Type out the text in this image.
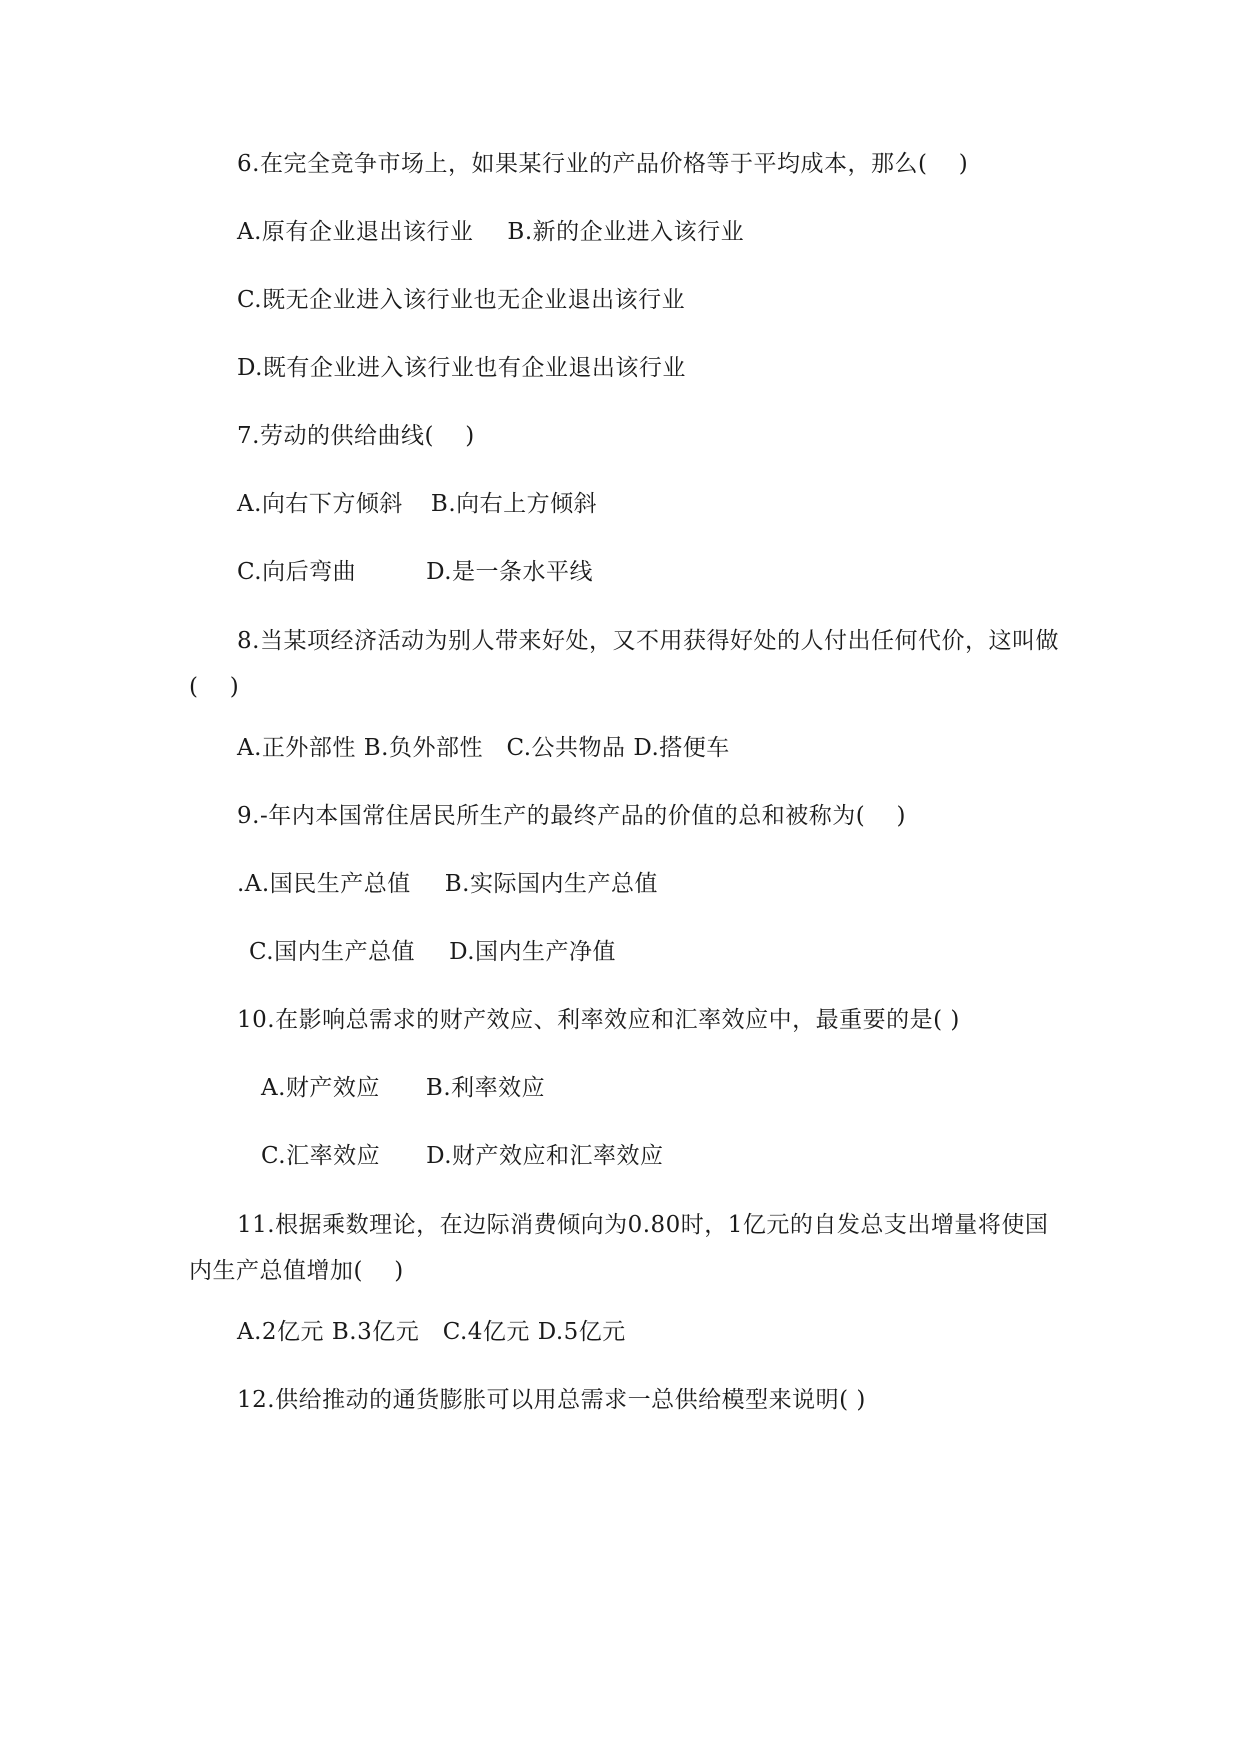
6.在完全竞争市场上，如果某行业的产品价格等于平均成本，那么(　 )
A.原有企业退出该行业 B.新的企业进入该行业
C.既无企业进入该行业也无企业退出该行业
D.既有企业进入该行业也有企业退出该行业
7.劳动的供给曲线(　 )
A.向右下方倾斜 B.向右上方倾斜
C.向后弯曲	D.是一条水平线
8.当某项经济活动为别人带来好处，又不用获得好处的人付出任何代价，这叫做(　 )
A.正外部性 B.负外部性　C.公共物品 D.搭便车
9.-年内本国常住居民所生产的最终产品的价值的总和被称为(　 )
.A.国民生产总值 B.实际国内生产总值
C.国内生产总值 D.国内生产净值
10.在影响总需求的财产效应、利率效应和汇率效应中，最重要的是( )
A.财产效应 B.利率效应
C.汇率效应 D.财产效应和汇率效应
11.根据乘数理论，在边际消费倾向为0.80时，1亿元的自发总支出增量将使国内生产总值增加(　 )
A.2亿元 B.3亿元　C.4亿元 D.5亿元
12.供给推动的通货膨胀可以用总需求一总供给模型来说明( )
